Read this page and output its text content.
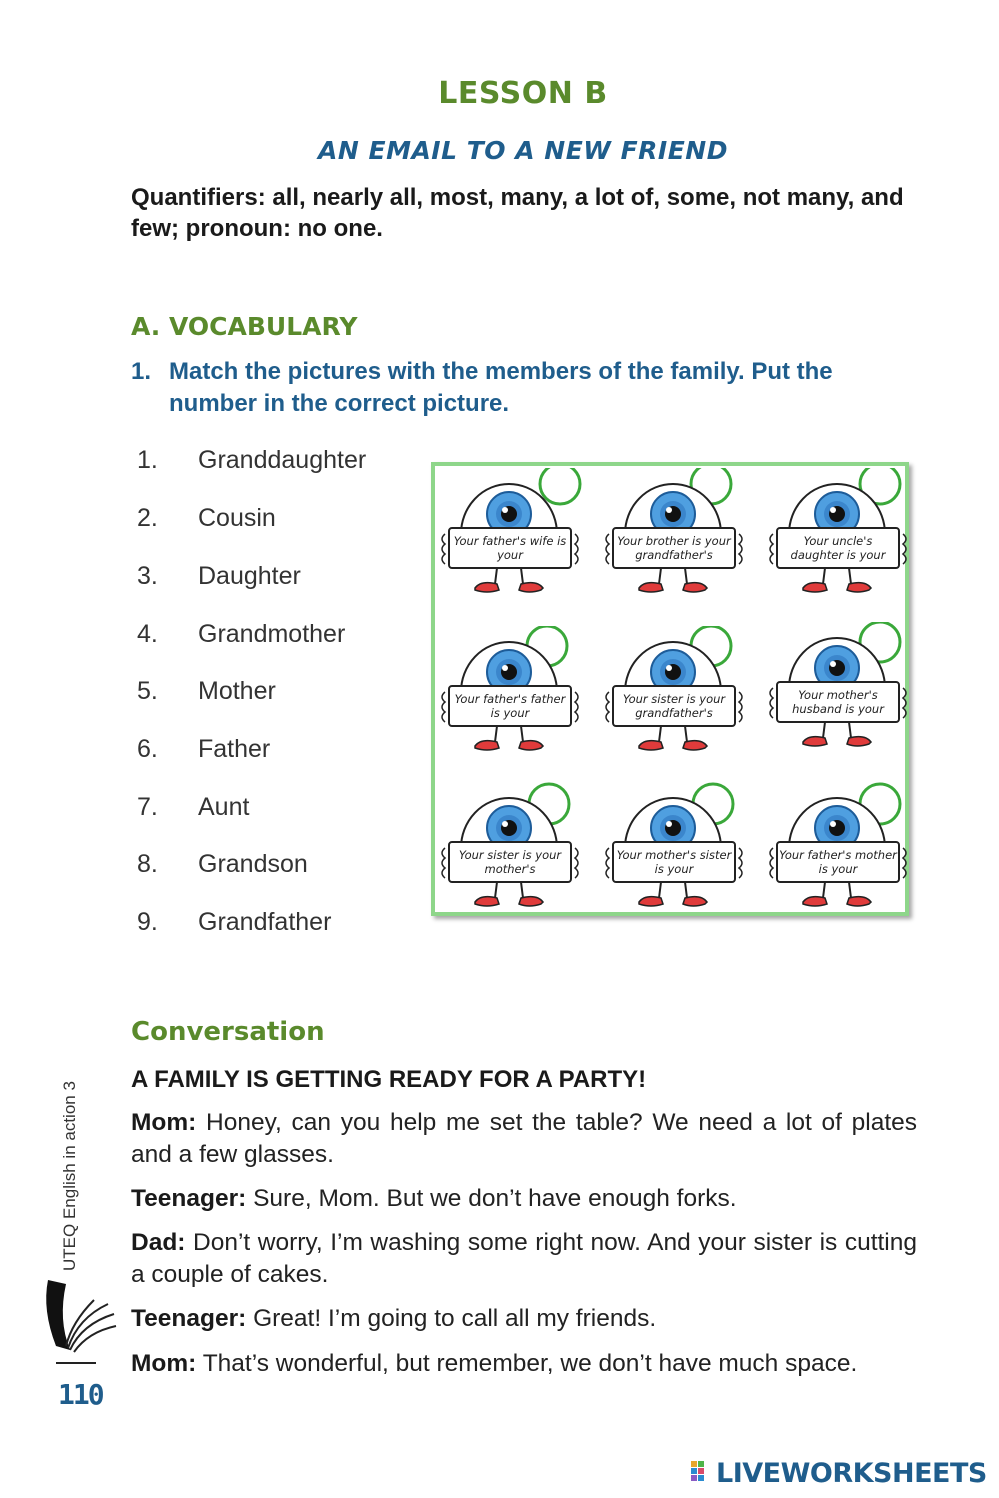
LESSON B
AN EMAIL TO A NEW FRIEND
Quantifiers: all, nearly all, most, many, a lot of, some, not many, and few; pronoun: no one.
A. VOCABULARY
1. Match the pictures with the members of the family. Put the number in the correct picture.
1.	Granddaughter
2.	Cousin
3.	Daughter
4.	Grandmother
5.	Mother
6.	Father
7.	Aunt
8.	Grandson
9.	Grandfather
Your father's wife is your
Your brother is your grandfather's
Your uncle's daughter is your
Your father's father is your
Your sister is your grandfather's
Your mother's husband is your
Your sister is your mother's
Your mother's sister is your
Your father's mother is your
Conversation
A FAMILY IS GETTING READY FOR A PARTY!
Mom: Honey, can you help me set the table? We need a lot of plates and a few glasses.
Teenager: Sure, Mom. But we don’t have enough forks.
Dad: Don’t worry, I’m washing some right now. And your sister is cutting a couple of cakes.
Teenager: Great! I’m going to call all my friends.
Mom: That’s wonderful, but remember, we don’t have much space.
UTEQ English in action 3
110
LIVEWORKSHEETS
